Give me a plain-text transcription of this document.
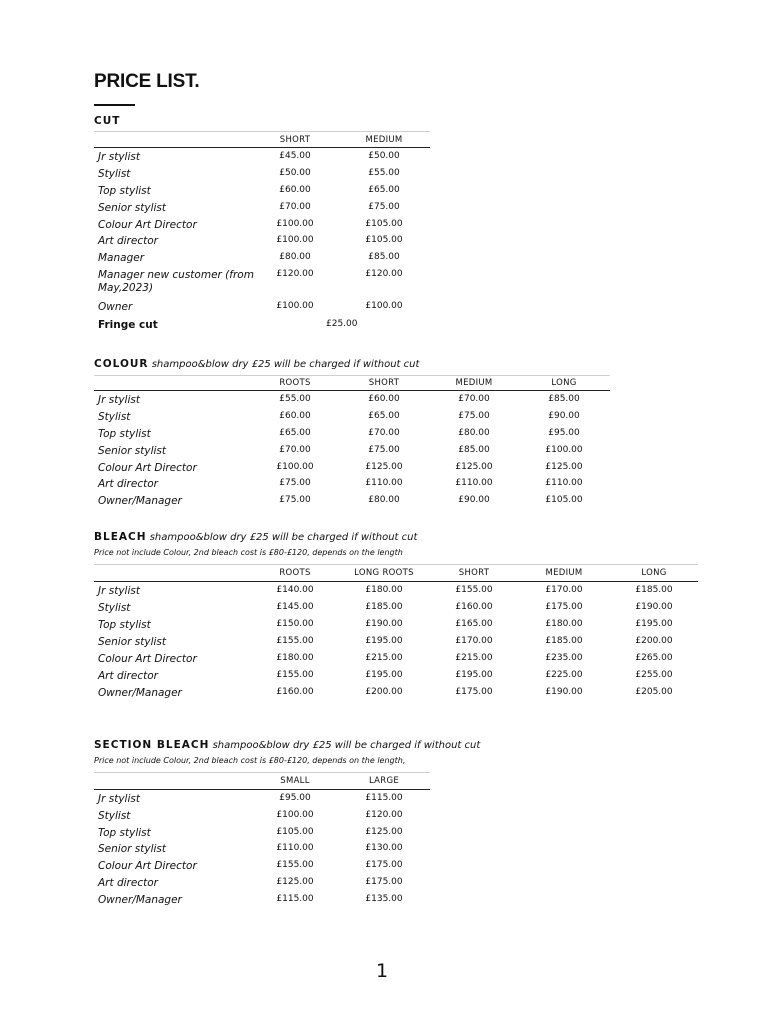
PRICE LIST.
CUT
SHORT	MEDIUM
Jr stylist	£45.00	£50.00
Stylist	£50.00	£55.00
Top stylist	£60.00	£65.00
Senior stylist	£70.00	£75.00
Colour Art Director	£100.00	£105.00
Art director	£100.00	£105.00
Manager	£80.00	£85.00
Manager new customer (from May,2023)
£120.00	£120.00
Owner	£100.00	£100.00
Fringe cut	£25.00
COLOUR shampoo&blow dry £25 will be charged if without cut
ROOTS	SHORT	MEDIUM	LONG
Jr stylist	£55.00	£60.00	£70.00	£85.00
Stylist	£60.00	£65.00	£75.00	£90.00
Top stylist	£65.00	£70.00	£80.00	£95.00
Senior stylist	£70.00	£75.00	£85.00	£100.00
Colour Art Director	£100.00	£125.00	£125.00	£125.00
Art director	£75.00	£110.00	£110.00	£110.00
Owner/Manager	£75.00	£80.00	£90.00	£105.00
BLEACH shampoo&blow dry £25 will be charged if without cut
Price not include Colour, 2nd bleach cost is £80-£120, depends on the length
ROOTS	LONG ROOTS	SHORT	MEDIUM	LONG
Jr stylist	£140.00	£180.00	£155.00	£170.00	£185.00
Stylist	£145.00	£185.00	£160.00	£175.00	£190.00
Top stylist	£150.00	£190.00	£165.00	£180.00	£195.00
Senior stylist	£155.00	£195.00	£170.00	£185.00	£200.00
Colour Art Director	£180.00	£215.00	£215.00	£235.00	£265.00
Art director	£155.00	£195.00	£195.00	£225.00	£255.00
Owner/Manager	£160.00	£200.00	£175.00	£190.00	£205.00
SECTION BLEACH shampoo&blow dry £25 will be charged if without cut
Price not include Colour, 2nd bleach cost is £80-£120, depends on the length,
SMALL	LARGE
Jr stylist	£95.00	£115.00
Stylist	£100.00	£120.00
Top stylist	£105.00	£125.00
Senior stylist	£110.00	£130.00
Colour Art Director	£155.00	£175.00
Art director	£125.00	£175.00
Owner/Manager	£115.00	£135.00
1
